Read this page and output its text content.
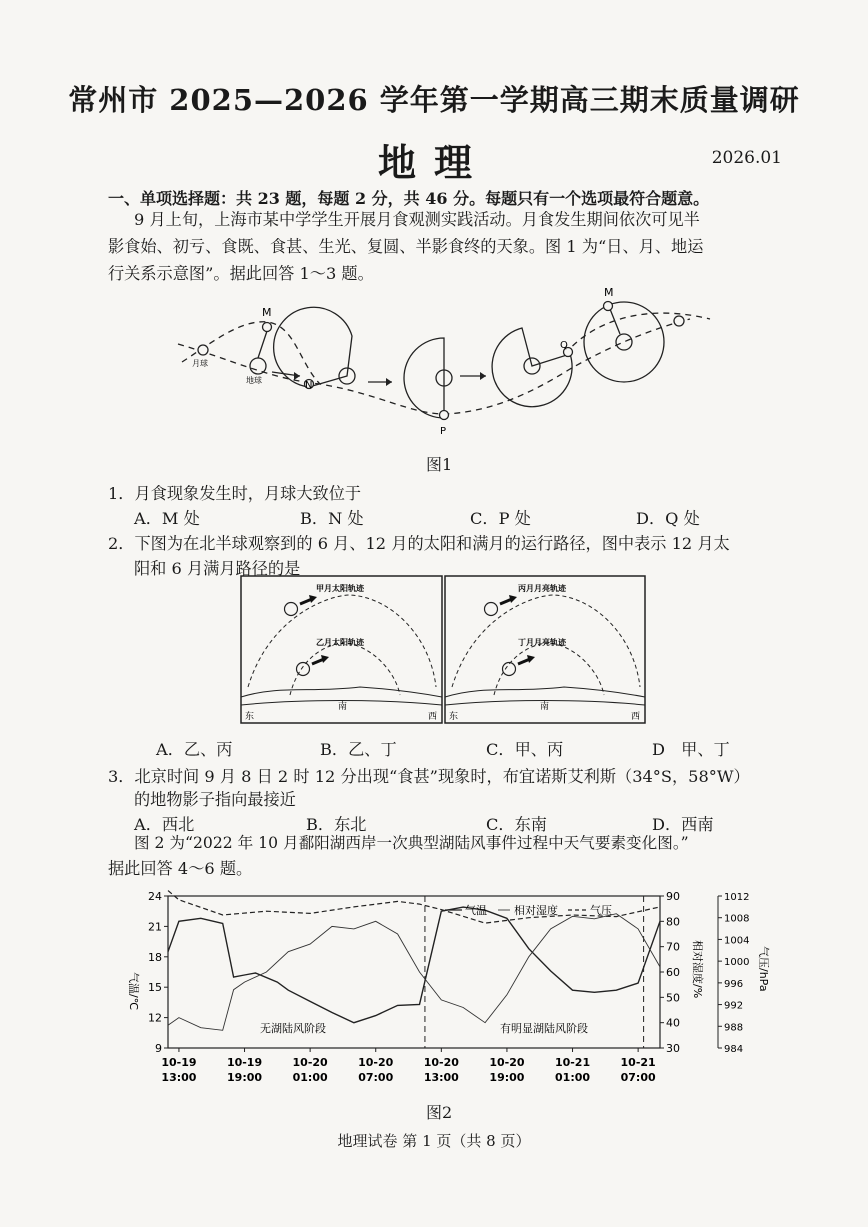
常州市 2025—2026 学年第一学期高三期末质量调研
地理	2026.01
一、单项选择题：共 23 题，每题 2 分，共 46 分。每题只有一个选项最符合题意。
9 月上旬，上海市某中学学生开展月食观测实践活动。月食发生期间依次可见半
影食始、初亏、食既、食甚、生光、复圆、半影食终的天象。图 1 为“日、月、地运
行关系示意图”。据此回答 1～3 题。
M
月球
地球	N
P
Q
M
图1
1．月食现象发生时，月球大致位于
A．M 处	B．N 处	C．P 处	D．Q 处
2．下图为在北半球观察到的 6 月、12 月的太阳和满月的运行路径，图中表示 12 月太
阳和 6 月满月路径的是
甲月太阳轨迹
乙月太阳轨迹
丙月月亮轨迹
丁月月亮轨迹
东
南
西 东
南
西
A．乙、丙	B．乙、丁	C．甲、丙	D　甲、丁
3．北京时间 9 月 8 日 2 时 12 分出现“食甚”现象时，布宜诺斯艾利斯（34°S，58°W）
的地物影子指向最接近
A．西北	B．东北	C．东南	D．西南
图 2 为“2022 年 10 月鄱阳湖西岸一次典型湖陆风事件过程中天气要素变化图。”
据此回答 4～6 题。
9
12
15
18
21
24
30
40
50
60
70
80
90
984
988
992
996
1000
1004
1008
1012
10-19
13:00
10-19
19:00
10-20
01:00
10-20
07:00
10-20
13:00
10-20
19:00
10-21
01:00
10-21
07:00
气温 相对湿度	气压
气温/℃	相对湿度/%	气压/hPa
无湖陆风阶段	有明显湖陆风阶段
图2
地理试卷 第 1 页（共 8 页）
